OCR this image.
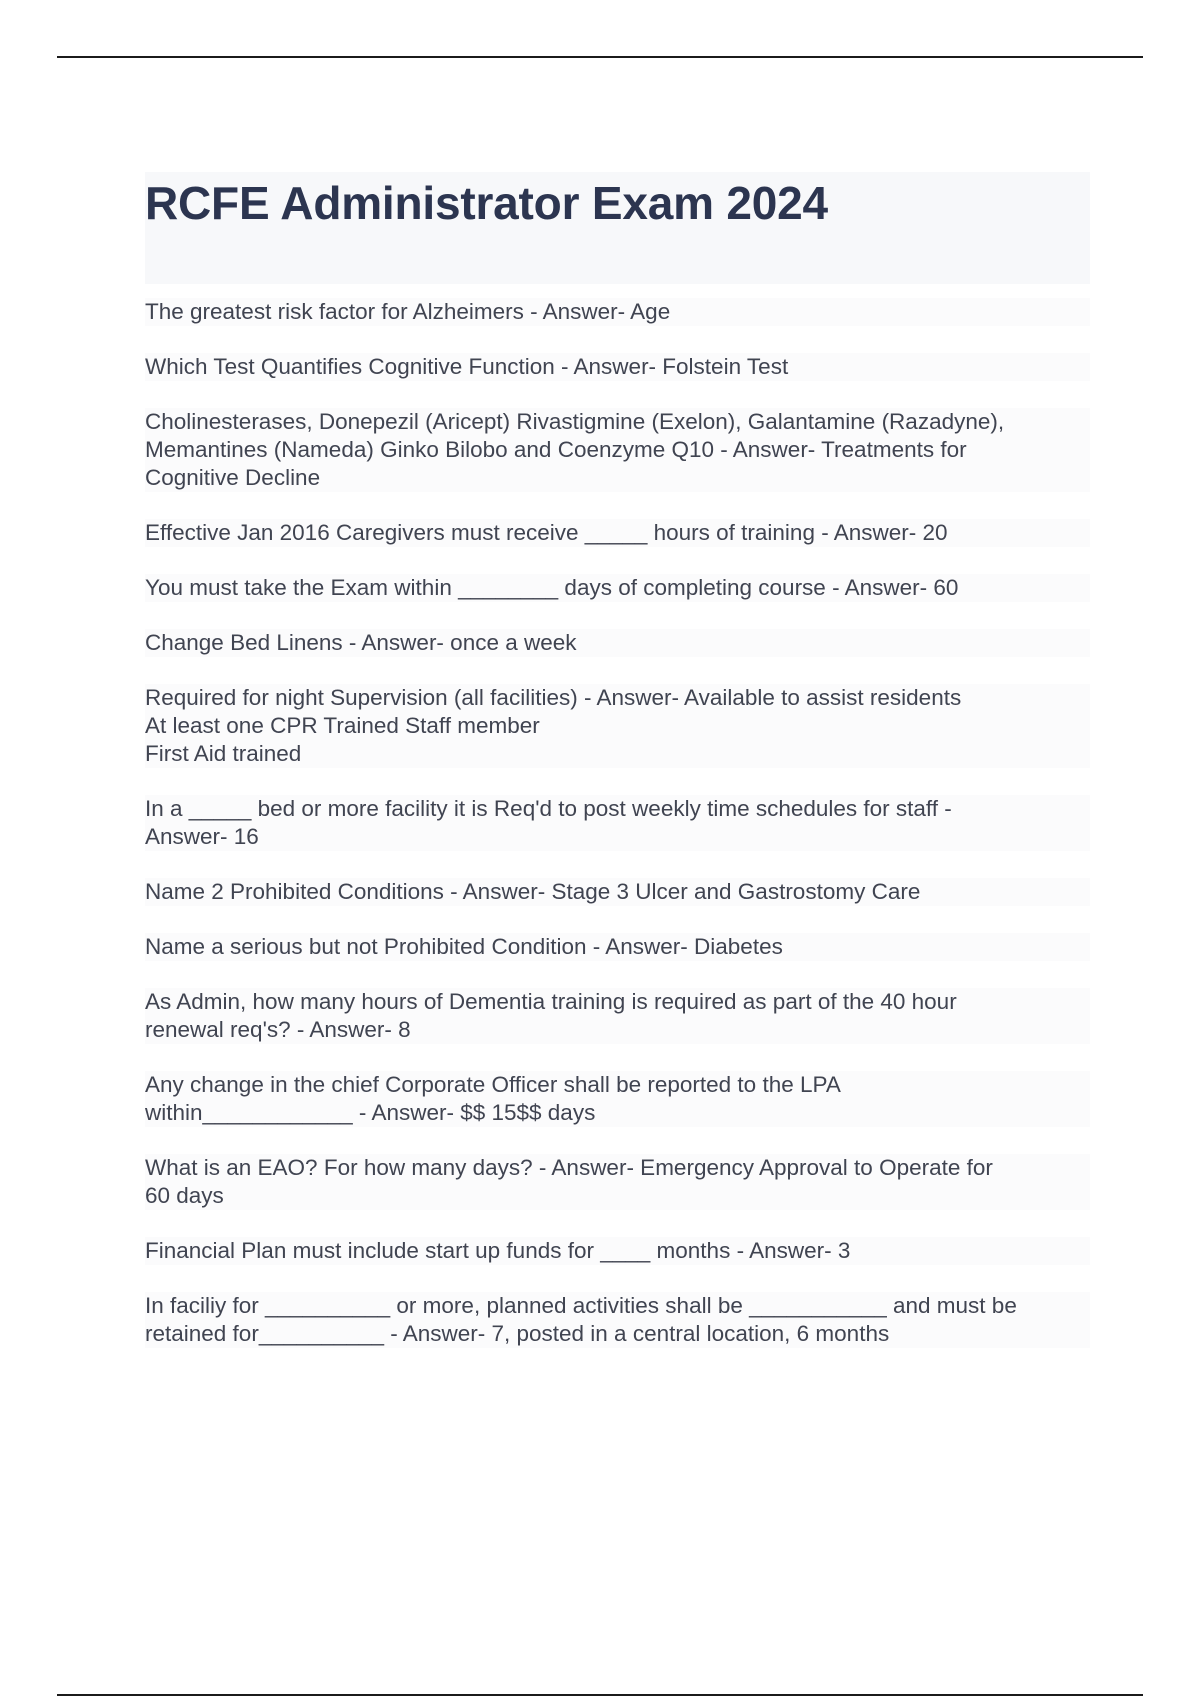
RCFE Administrator Exam 2024
The greatest risk factor for Alzheimers - Answer- Age
Which Test Quantifies Cognitive Function - Answer- Folstein Test
Cholinesterases, Donepezil (Aricept) Rivastigmine (Exelon), Galantamine (Razadyne),
Memantines (Nameda) Ginko Bilobo and Coenzyme Q10 - Answer- Treatments for
Cognitive Decline
Effective Jan 2016 Caregivers must receive _____ hours of training - Answer- 20
You must take the Exam within ________ days of completing course - Answer- 60
Change Bed Linens - Answer- once a week
Required for night Supervision (all facilities) - Answer- Available to assist residents
At least one CPR Trained Staff member
First Aid trained
In a _____ bed or more facility it is Req'd to post weekly time schedules for staff -
Answer- 16
Name 2 Prohibited Conditions - Answer- Stage 3 Ulcer and Gastrostomy Care
Name a serious but not Prohibited Condition - Answer- Diabetes
As Admin, how many hours of Dementia training is required as part of the 40 hour
renewal req's? - Answer- 8
Any change in the chief Corporate Officer shall be reported to the LPA
within____________ - Answer- $$ 15$$ days
What is an EAO? For how many days? - Answer- Emergency Approval to Operate for
60 days
Financial Plan must include start up funds for ____ months - Answer- 3
In faciliy for __________ or more, planned activities shall be ___________ and must be
retained for__________ - Answer- 7, posted in a central location, 6 months
